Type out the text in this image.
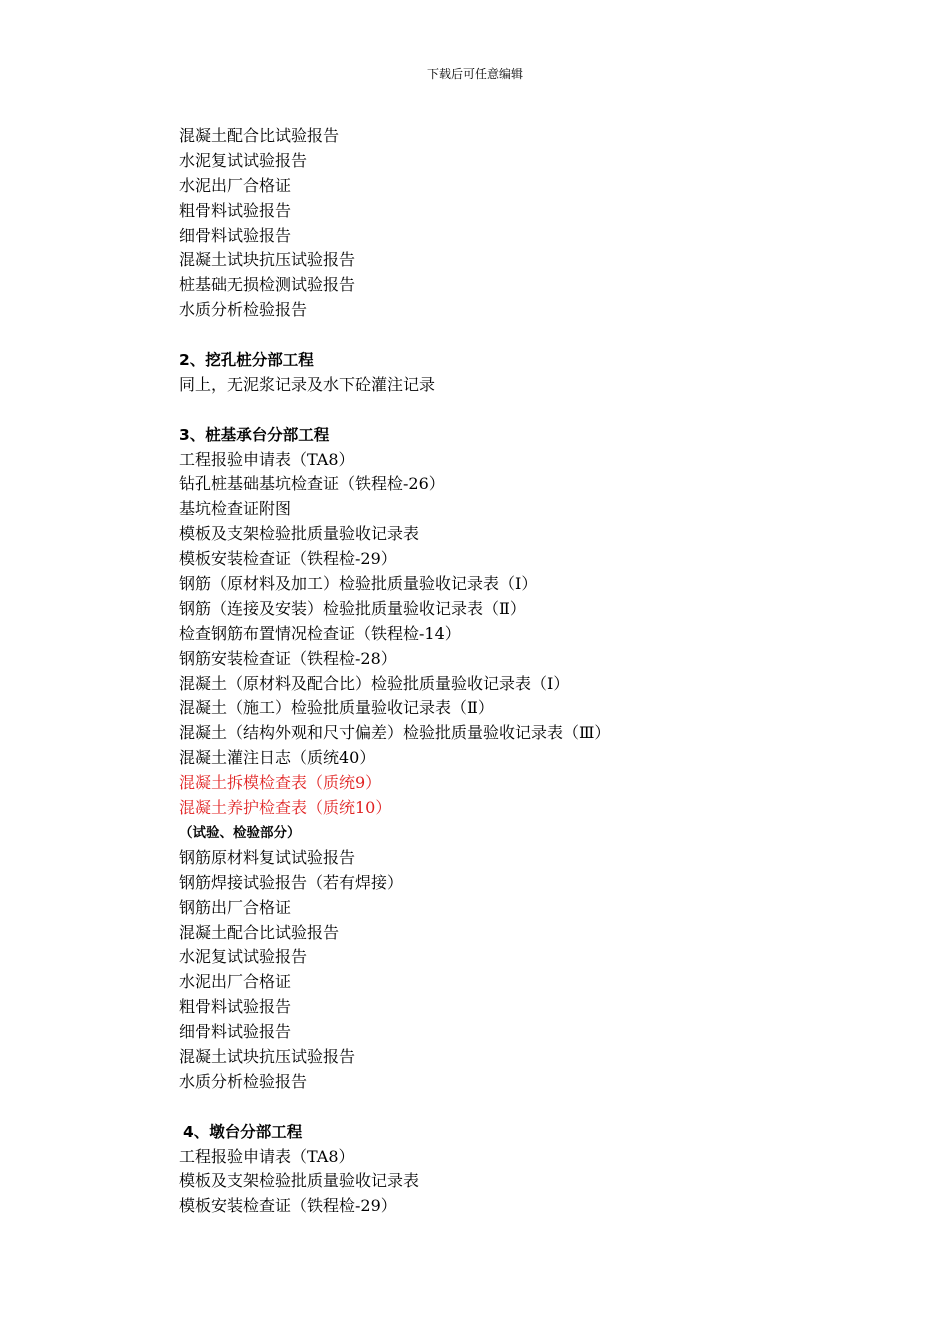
下载后可任意编辑
混凝土配合比试验报告
水泥复试试验报告
水泥出厂合格证
粗骨料试验报告
细骨料试验报告
混凝土试块抗压试验报告
桩基础无损检测试验报告
水质分析检验报告
2、挖孔桩分部工程
同上，无泥浆记录及水下砼灌注记录
3、桩基承台分部工程
工程报验申请表（TA8）
钻孔桩基础基坑检查证（铁程检-26）
基坑检查证附图
模板及支架检验批质量验收记录表
模板安装检查证（铁程检-29）
钢筋（原材料及加工）检验批质量验收记录表（Ⅰ）
钢筋（连接及安装）检验批质量验收记录表（Ⅱ）
检查钢筋布置情况检查证（铁程检-14）
钢筋安装检查证（铁程检-28）
混凝土（原材料及配合比）检验批质量验收记录表（Ⅰ）
混凝土（施工）检验批质量验收记录表（Ⅱ）
混凝土（结构外观和尺寸偏差）检验批质量验收记录表（Ⅲ）
混凝土灌注日志（质统40）
混凝土拆模检查表（质统9）
混凝土养护检查表（质统10）
（试验、检验部分）
钢筋原材料复试试验报告
钢筋焊接试验报告（若有焊接）
钢筋出厂合格证
混凝土配合比试验报告
水泥复试试验报告
水泥出厂合格证
粗骨料试验报告
细骨料试验报告
混凝土试块抗压试验报告
水质分析检验报告
4、墩台分部工程
工程报验申请表（TA8）
模板及支架检验批质量验收记录表
模板安装检查证（铁程检-29）
